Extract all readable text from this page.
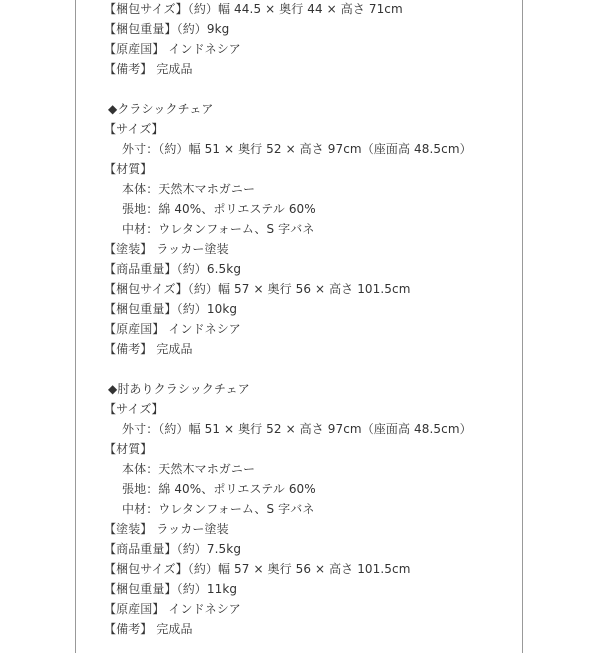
【梱包サイズ】（約）幅 44.5 × 奥行 44 × 高さ 71cm
【梱包重量】（約）9kg
【原産国】 インドネシア
【備考】 完成品
◆クラシックチェア
【サイズ】
外寸：（約）幅 51 × 奥行 52 × 高さ 97cm（座面高 48.5cm）
【材質】
本体：天然木マホガニー
張地：綿 40%、ポリエステル 60%
中材：ウレタンフォーム、S 字バネ
【塗装】 ラッカー塗装
【商品重量】（約）6.5kg
【梱包サイズ】（約）幅 57 × 奥行 56 × 高さ 101.5cm
【梱包重量】（約）10kg
【原産国】 インドネシア
【備考】 完成品
◆肘ありクラシックチェア
【サイズ】
外寸：（約）幅 51 × 奥行 52 × 高さ 97cm（座面高 48.5cm）
【材質】
本体：天然木マホガニー
張地：綿 40%、ポリエステル 60%
中材：ウレタンフォーム、S 字バネ
【塗装】 ラッカー塗装
【商品重量】（約）7.5kg
【梱包サイズ】（約）幅 57 × 奥行 56 × 高さ 101.5cm
【梱包重量】（約）11kg
【原産国】 インドネシア
【備考】 完成品
